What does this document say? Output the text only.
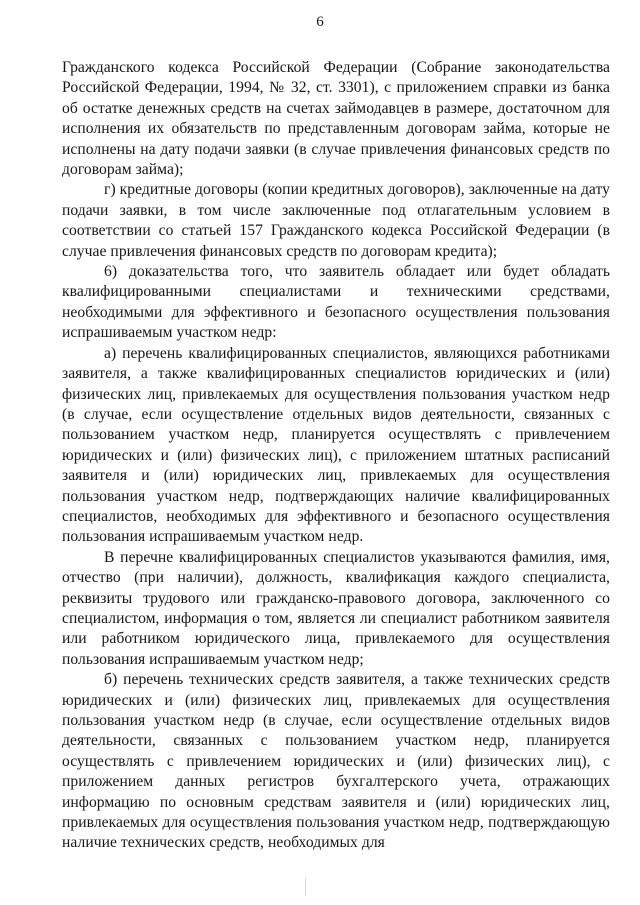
6

Гражданского кодекса Российской Федерации (Собрание законодательства Российской Федерации, 1994, № 32, ст. 3301), с приложением справки из банка об остатке денежных средств на счетах займодавцев в размере, достаточном для исполнения их обязательств по представленным договорам займа, которые не исполнены на дату подачи заявки (в случае привлечения финансовых средств по договорам займа);

г) кредитные договоры (копии кредитных договоров), заключенные на дату подачи заявки, в том числе заключенные под отлагательным условием в соответствии со статьей 157 Гражданского кодекса Российской Федерации (в случае привлечения финансовых средств по договорам кредита);

6) доказательства того, что заявитель обладает или будет обладать квалифицированными специалистами и техническими средствами, необходимыми для эффективного и безопасного осуществления пользования испрашиваемым участком недр:

а) перечень квалифицированных специалистов, являющихся работниками заявителя, а также квалифицированных специалистов юридических и (или) физических лиц, привлекаемых для осуществления пользования участком недр (в случае, если осуществление отдельных видов деятельности, связанных с пользованием участком недр, планируется осуществлять с привлечением юридических и (или) физических лиц), с приложением штатных расписаний заявителя и (или) юридических лиц, привлекаемых для осуществления пользования участком недр, подтверждающих наличие квалифицированных специалистов, необходимых для эффективного и безопасного осуществления пользования испрашиваемым участком недр.

В перечне квалифицированных специалистов указываются фамилия, имя, отчество (при наличии), должность, квалификация каждого специалиста, реквизиты трудового или гражданско-правового договора, заключенного со специалистом, информация о том, является ли специалист работником заявителя или работником юридического лица, привлекаемого для осуществления пользования испрашиваемым участком недр;

б) перечень технических средств заявителя, а также технических средств юридических и (или) физических лиц, привлекаемых для осуществления пользования участком недр (в случае, если осуществление отдельных видов деятельности, связанных с пользованием участком недр, планируется осуществлять с привлечением юридических и (или) физических лиц), с приложением данных регистров бухгалтерского учета, отражающих информацию по основным средствам заявителя и (или) юридических лиц, привлекаемых для осуществления пользования участком недр, подтверждающую наличие технических средств, необходимых для
